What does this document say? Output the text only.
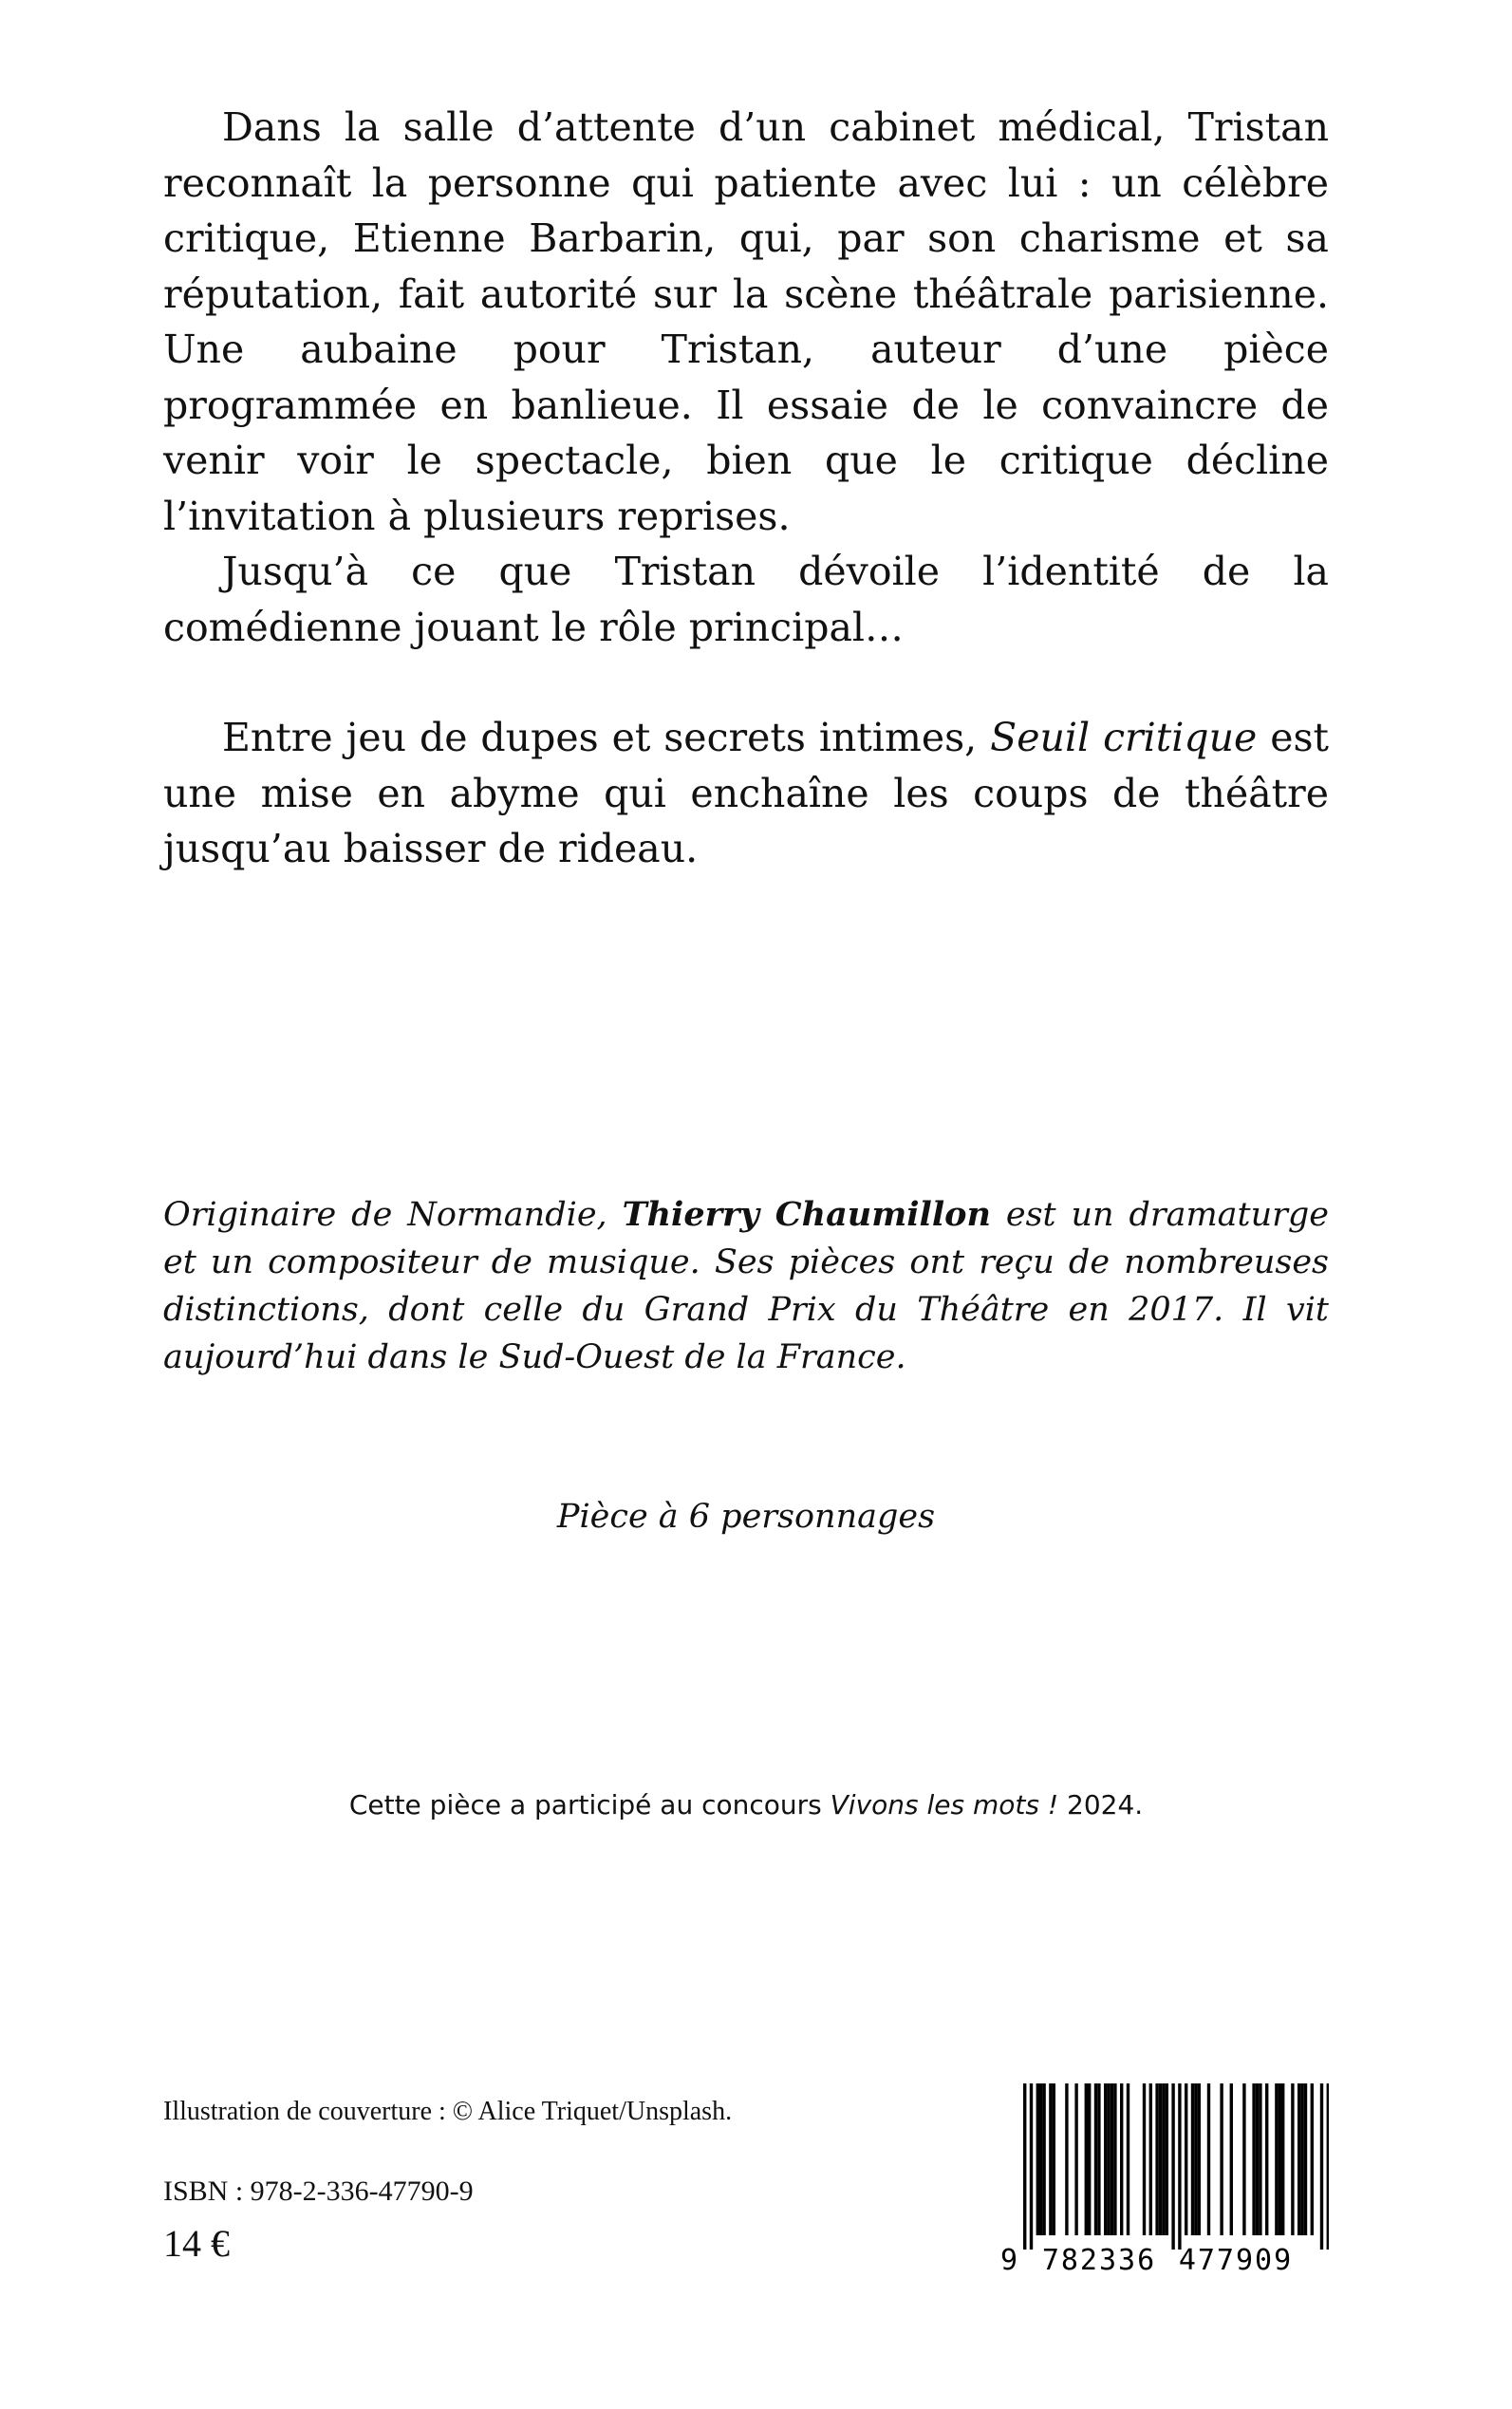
Dans la salle d’attente d’un cabinet médical, Tristan reconnaît la personne qui patiente avec lui : un célèbre critique, Etienne Barbarin, qui, par son charisme et sa réputation, fait autorité sur la scène théâtrale parisienne. Une aubaine pour Tristan, auteur d’une pièce programmée en banlieue. Il essaie de le convaincre de venir voir le spectacle, bien que le critique décline l’invitation à plusieurs reprises.

Jusqu’à ce que Tristan dévoile l’identité de la comédienne jouant le rôle principal…

Entre jeu de dupes et secrets intimes, Seuil critique est une mise en abyme qui enchaîne les coups de théâtre jusqu’au baisser de rideau.

Originaire de Normandie, Thierry Chaumillon est un dramaturge et un compositeur de musique. Ses pièces ont reçu de nombreuses distinctions, dont celle du Grand Prix du Théâtre en 2017. Il vit aujourd’hui dans le Sud-Ouest de la France.
Pièce à 6 personnages
Cette pièce a participé au concours Vivons les mots ! 2024.
Illustration de couverture : © Alice Triquet/Unsplash.
ISBN : 978-2-336-47790-9
14 €	9 782336 477909
